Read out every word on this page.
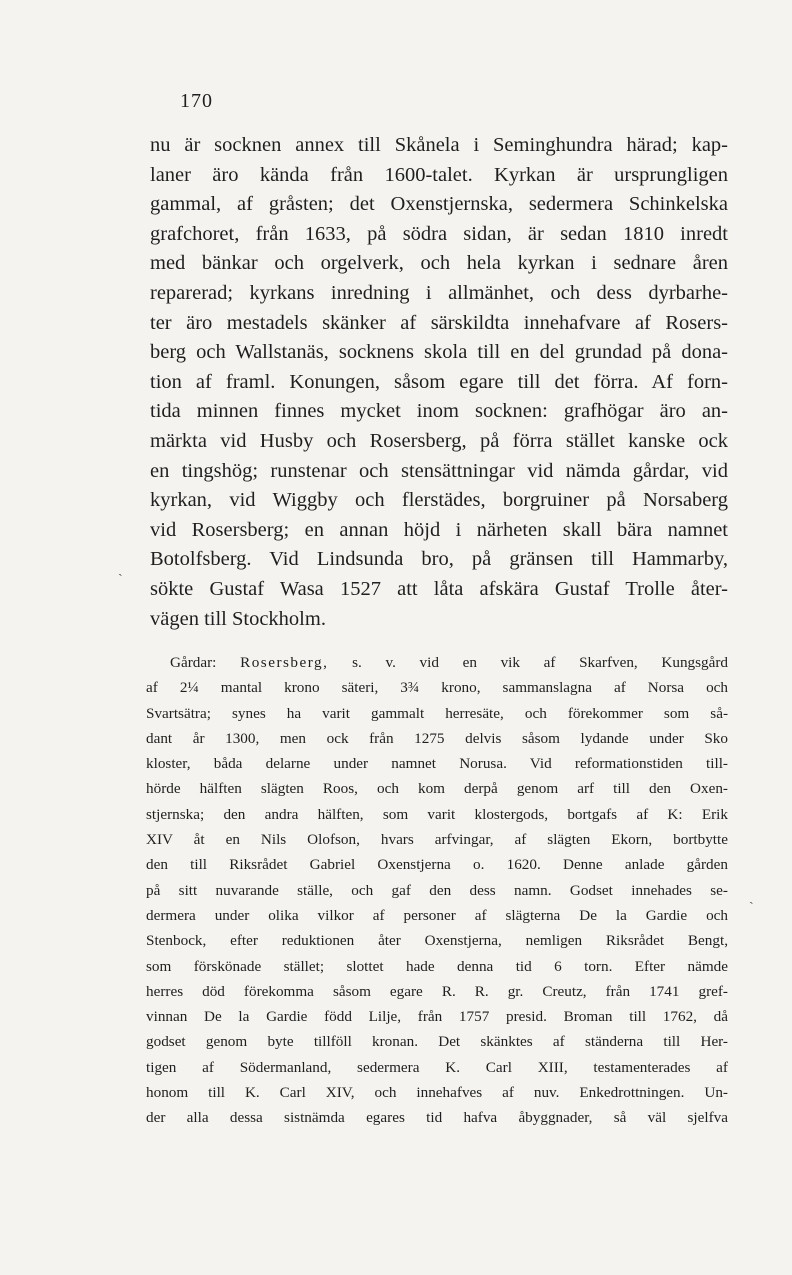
170
nu är socknen annex till Skånela i Seminghundra härad; kap-
laner äro kända från 1600-talet. Kyrkan är ursprungligen
gammal, af gråsten; det Oxenstjernska, sedermera Schinkelska
grafchoret, från 1633, på södra sidan, är sedan 1810 inredt
med bänkar och orgelverk, och hela kyrkan i sednare åren
reparerad; kyrkans inredning i allmänhet, och dess dyrbarhe-
ter äro mestadels skänker af särskildta innehafvare af Rosers-
berg och Wallstanäs, socknens skola till en del grundad på dona-
tion af framl. Konungen, såsom egare till det förra. Af forn-
tida minnen finnes mycket inom socknen: grafhögar äro an-
märkta vid Husby och Rosersberg, på förra stället kanske ock
en tingshög; runstenar och stensättningar vid nämda gårdar, vid
kyrkan, vid Wiggby och flerstädes, borgruiner på Norsaberg
vid Rosersberg; en annan höjd i närheten skall bära namnet
Botolfsberg. Vid Lindsunda bro, på gränsen till Hammarby,
sökte Gustaf Wasa 1527 att låta afskära Gustaf Trolle åter-
vägen till Stockholm.
Gårdar: Rosersberg, s. v. vid en vik af Skarfven, Kungsgård
af 2¼ mantal krono säteri, 3¾ krono, sammanslagna af Norsa och
Svartsätra; synes ha varit gammalt herresäte, och förekommer som så-
dant år 1300, men ock från 1275 delvis såsom lydande under Sko
kloster, båda delarne under namnet Norusa. Vid reformationstiden till-
hörde hälften slägten Roos, och kom derpå genom arf till den Oxen-
stjernska; den andra hälften, som varit klostergods, bortgafs af K: Erik
XIV åt en Nils Olofson, hvars arfvingar, af slägten Ekorn, bortbytte
den till Riksrådet Gabriel Oxenstjerna o. 1620. Denne anlade gården
på sitt nuvarande ställe, och gaf den dess namn. Godset innehades se-
dermera under olika vilkor af personer af slägterna De la Gardie och
Stenbock, efter reduktionen åter Oxenstjerna, nemligen Riksrådet Bengt,
som förskönade stället; slottet hade denna tid 6 torn. Efter nämde
herres död förekomma såsom egare R. R. gr. Creutz, från 1741 gref-
vinnan De la Gardie född Lilje, från 1757 presid. Broman till 1762, då
godset genom byte tillföll kronan. Det skänktes af ständerna till Her-
tigen af Södermanland, sedermera K. Carl XIII, testamenterades af
honom till K. Carl XIV, och innehafves af nuv. Enkedrottningen. Un-
der alla dessa sistnämda egares tid hafva åbyggnader, så väl sjelfva
ˎ
ˏ
